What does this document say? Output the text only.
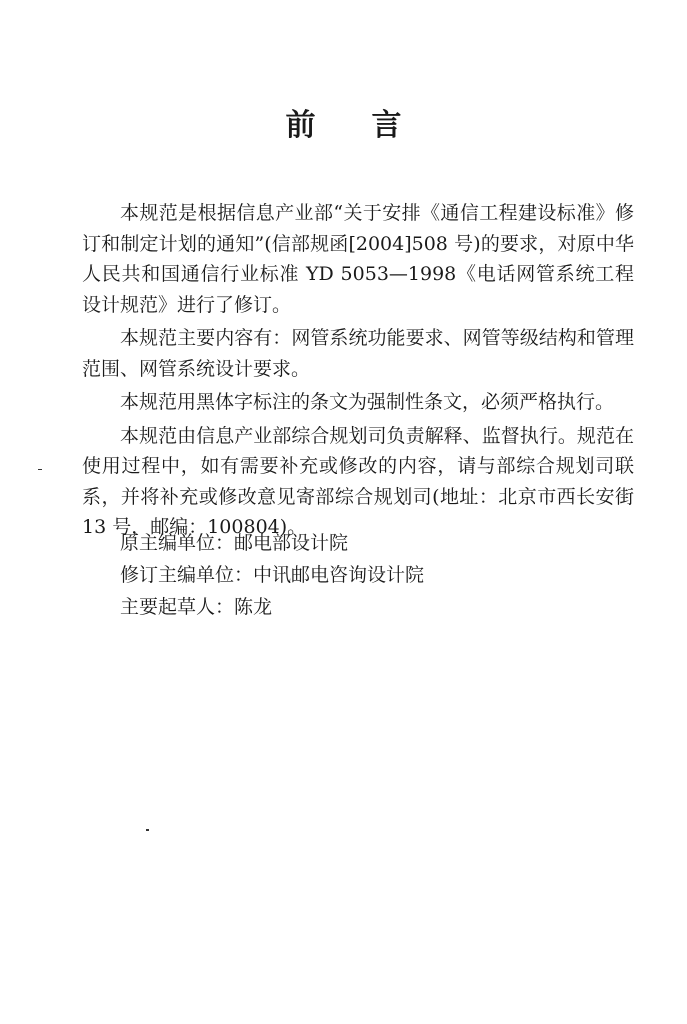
前言

本规范是根据信息产业部“关于安排《通信工程建设标准》修订和制定计划的通知”(信部规函[2004]508 号)的要求，对原中华人民共和国通信行业标准 YD 5053—1998《电话网管系统工程设计规范》进行了修订。

本规范主要内容有：网管系统功能要求、网管等级结构和管理范围、网管系统设计要求。

本规范用黑体字标注的条文为强制性条文，必须严格执行。

本规范由信息产业部综合规划司负责解释、监督执行。规范在使用过程中，如有需要补充或修改的内容，请与部综合规划司联系，并将补充或修改意见寄部综合规划司(地址：北京市西长安街 13 号，邮编：100804)。

原主编单位：邮电部设计院

修订主编单位：中讯邮电咨询设计院

主要起草人：陈龙
